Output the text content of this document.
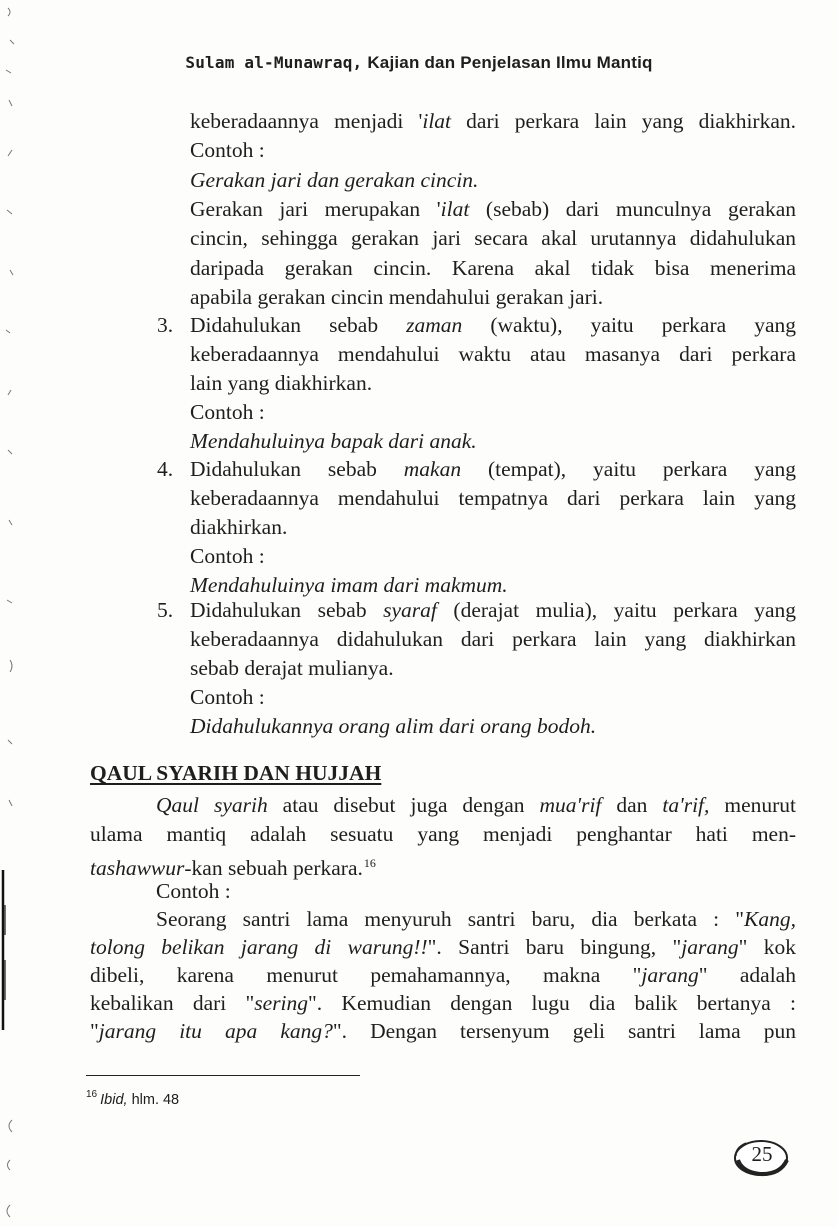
Sulam al-Munawraq, Kajian dan Penjelasan Ilmu Mantiq
keberadaannya menjadi 'ilat dari perkara lain yang diakhirkan.
Contoh :
Gerakan jari dan gerakan cincin.
Gerakan jari merupakan 'ilat (sebab) dari munculnya gerakan
cincin, sehingga gerakan jari secara akal urutannya didahulukan
daripada gerakan cincin. Karena akal tidak bisa menerima
apabila gerakan cincin mendahului gerakan jari.
3. Didahulukan sebab zaman (waktu), yaitu perkara yang
keberadaannya mendahului waktu atau masanya dari perkara
lain yang diakhirkan.
Contoh :
Mendahuluinya bapak dari anak.
4. Didahulukan sebab makan (tempat), yaitu perkara yang
keberadaannya mendahului tempatnya dari perkara lain yang
diakhirkan.
Contoh :
Mendahuluinya imam dari makmum.
5. Didahulukan sebab syaraf (derajat mulia), yaitu perkara yang
keberadaannya didahulukan dari perkara lain yang diakhirkan
sebab derajat mulianya.
Contoh :
Didahulukannya orang alim dari orang bodoh.
QAUL SYARIH DAN HUJJAH
Qaul syarih atau disebut juga dengan mua'rif dan ta'rif, menurut
ulama mantiq adalah sesuatu yang menjadi penghantar hati men-
tashawwur-kan sebuah perkara.$^{16}$
Contoh :
Seorang santri lama menyuruh santri baru, dia berkata : "Kang,
tolong belikan jarang di warung!!". Santri baru bingung, "jarang" kok
dibeli, karena menurut pemahamannya, makna "jarang" adalah
kebalikan dari "sering". Kemudian dengan lugu dia balik bertanya :
"jarang itu apa kang?". Dengan tersenyum geli santri lama pun
$^{16}$ Ibid, hlm. 48
25
